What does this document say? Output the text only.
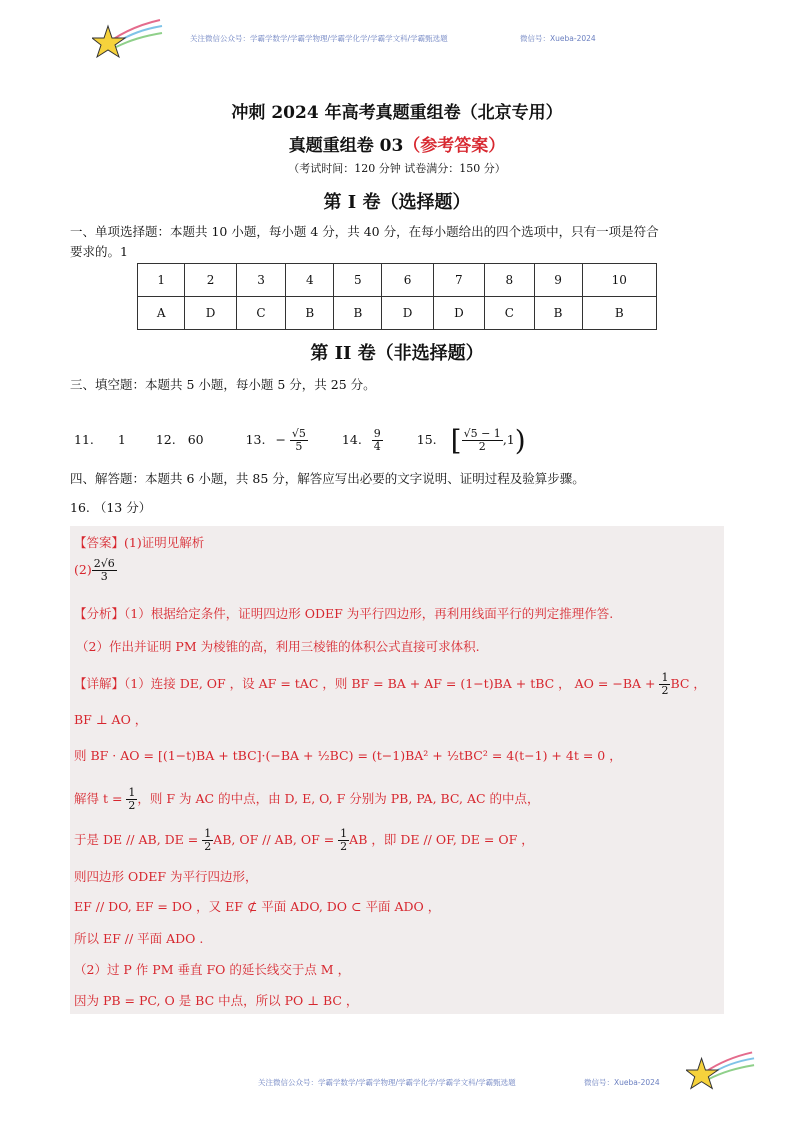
关注微信公众号：学霸学数学/学霸学物理/学霸学化学/学霸学文科/学霸甄选题	微信号：Xueba-2024
冲刺 2024 年高考真题重组卷（北京专用）
真题重组卷 03（参考答案）
（考试时间：120 分钟 试卷满分：150 分）
第 I 卷（选择题）
一、单项选择题：本题共 10 小题，每小题 4 分，共 40 分，在每小题给出的四个选项中，只有一项是符合
要求的。1
1	2	3	4	5	6	7	8	9	10
A	D	C	B	B	D	D	C	B	B
第 II 卷（非选择题）
三、填空题：本题共 5 小题，每小题 5 分，共 25 分。
11. 1 12. 60	13. − $\frac{√5}{5}$	14. $\frac{9}{4}$	15. [ $\frac{√5 - 1}{2} ,1$)
四、解答题：本题共 6 小题，共 85 分，解答应写出必要的文字说明、证明过程及验算步骤。
16. （13 分）
【答案】(1)证明见解析
$(2) \frac{2√6}{3}$
【分析】（1）根据给定条件，证明四边形 ODEF 为平行四边形，再利用线面平行的判定推理作答.
（2）作出并证明 PM 为棱锥的高，利用三棱锥的体积公式直接可求体积.
【详解】（1）连接 DE, OF ，设 AF = tAC ，则 BF = BA + AF = (1−t)BA + tBC ， AO = $-BA + \frac{1}{2}$ BC ，
BF ⊥ AO ，
则 BF · AO = [(1−t)BA + tBC]·(−BA + ½BC) = (t−1)BA² + ½tBC² = 4(t−1) + 4t = 0 ，
解得 $t = \frac{1}{2}$ ，则 F 为 AC 的中点，由 D, E, O, F 分别为 PB, PA, BC, AC 的中点，
于是 DE // AB, DE = $\frac{1}{2}$ AB, OF // AB, OF = $\frac{1}{2}$ AB ，即 DE // OF, DE = OF ，
则四边形 ODEF 为平行四边形，
EF // DO, EF = DO ，又 EF ⊄ 平面 ADO, DO ⊂ 平面 ADO ，
所以 EF // 平面 ADO .
（2）过 P 作 PM 垂直 FO 的延长线交于点 M ，
因为 PB = PC, O 是 BC 中点，所以 PO ⊥ BC ，
关注微信公众号：学霸学数学/学霸学物理/学霸学化学/学霸学文科/学霸甄选题	微信号：Xueba-2024
